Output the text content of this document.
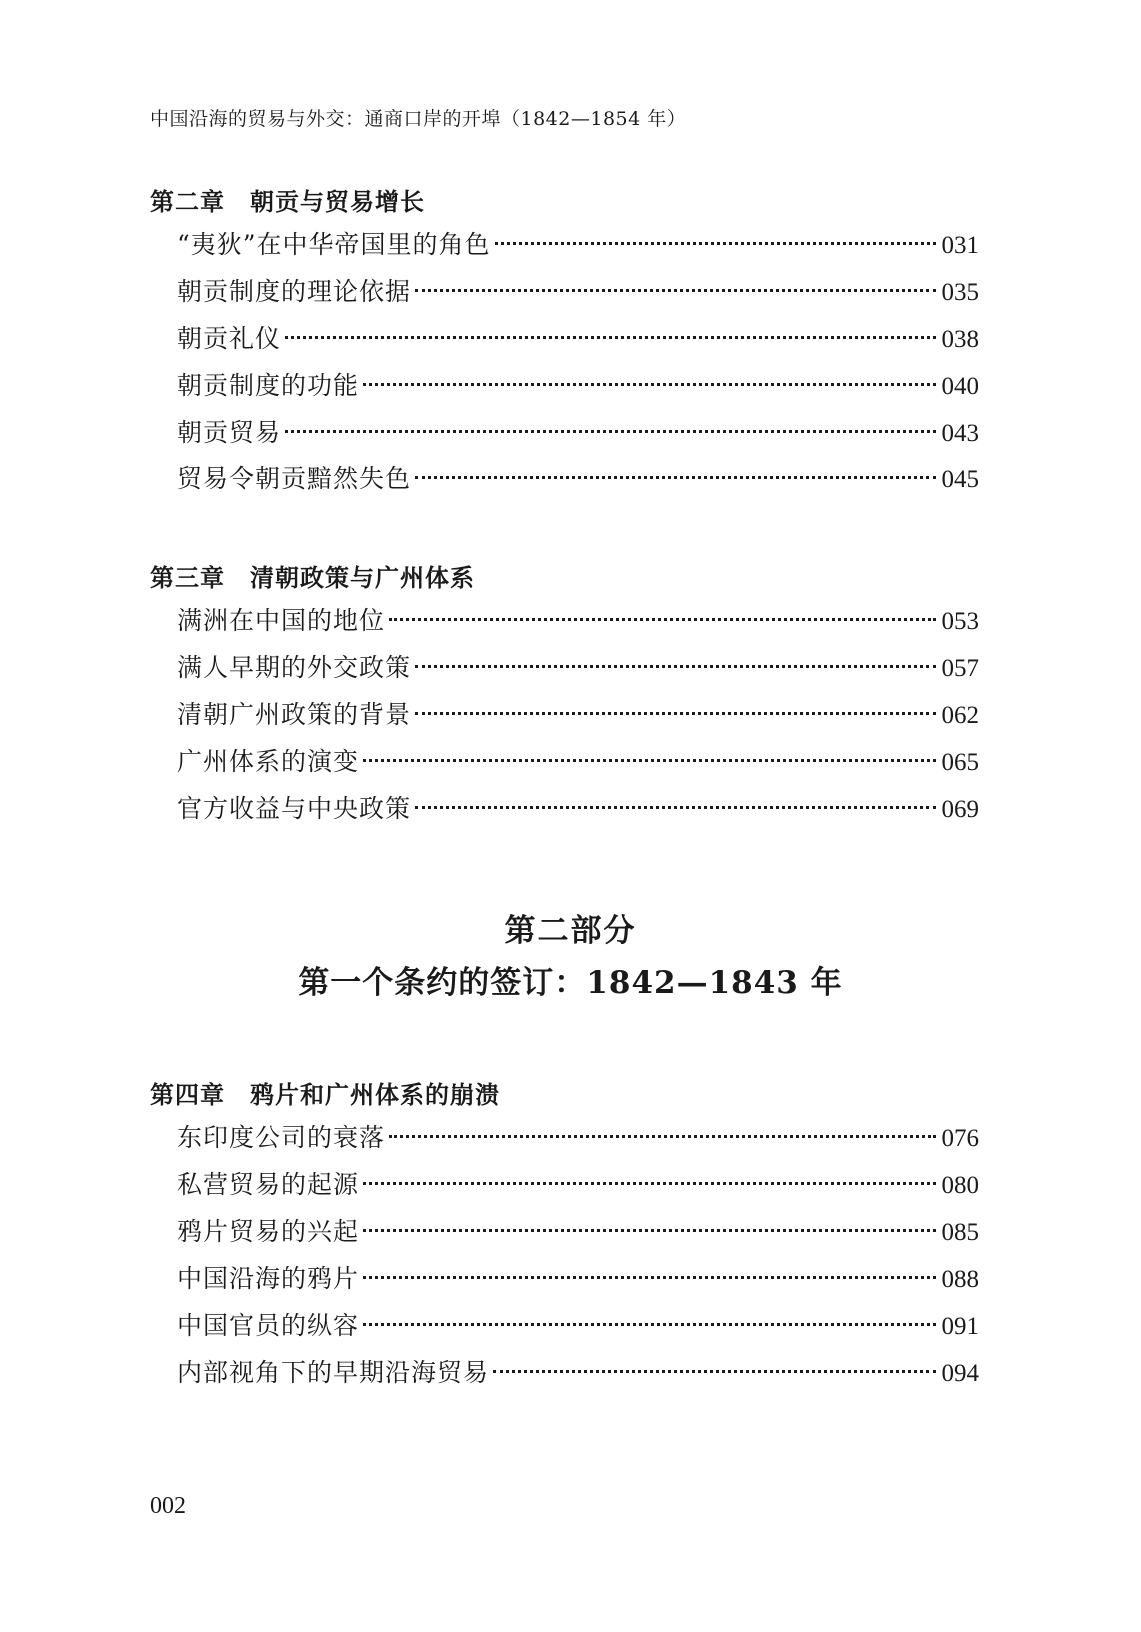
中国沿海的贸易与外交：通商口岸的开埠（1842—1854 年）
第二章　朝贡与贸易增长
“夷狄”在中华帝国里的角色	031
朝贡制度的理论依据	035
朝贡礼仪	038
朝贡制度的功能	040
朝贡贸易	043
贸易令朝贡黯然失色	045
第三章　清朝政策与广州体系
满洲在中国的地位	053
满人早期的外交政策	057
清朝广州政策的背景	062
广州体系的演变	065
官方收益与中央政策	069
第二部分
第一个条约的签订：1842—1843 年
第四章　鸦片和广州体系的崩溃
东印度公司的衰落	076
私营贸易的起源	080
鸦片贸易的兴起	085
中国沿海的鸦片	088
中国官员的纵容	091
内部视角下的早期沿海贸易	094
002
